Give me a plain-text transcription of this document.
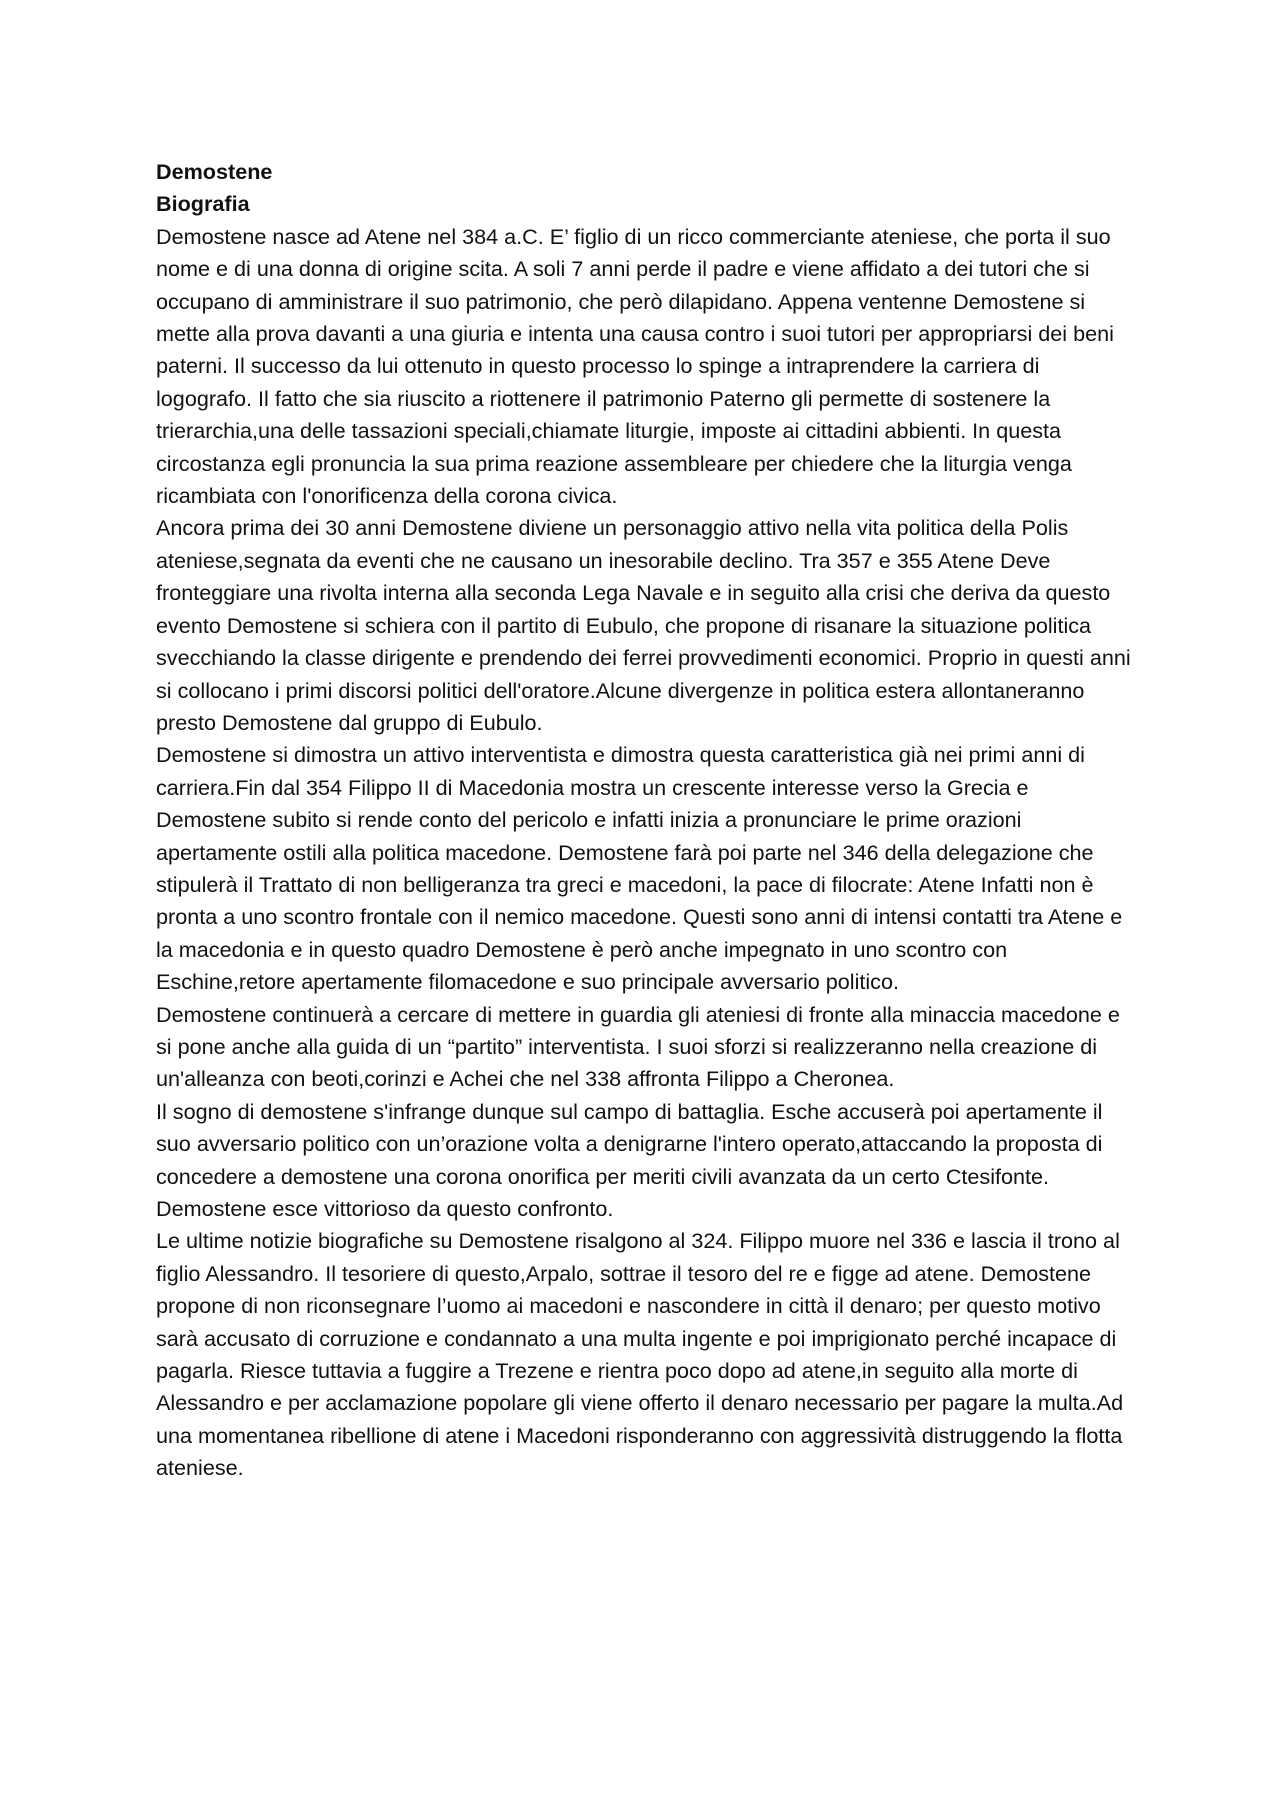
Demostene

Biografia

Demostene nasce ad Atene nel 384 a.C. E’ figlio di un ricco commerciante ateniese, che porta il suo nome e di una donna di origine scita. A soli 7 anni perde il padre e viene affidato a dei tutori che si occupano di amministrare il suo patrimonio, che però dilapidano. Appena ventenne Demostene si mette alla prova davanti a una giuria e intenta una causa contro i suoi tutori per appropriarsi dei beni paterni. Il successo da lui ottenuto in questo processo lo spinge a intraprendere la carriera di logografo. Il fatto che sia riuscito a riottenere il patrimonio Paterno gli permette di sostenere la trierarchia,una delle tassazioni speciali,chiamate liturgie, imposte ai cittadini abbienti. In questa circostanza egli pronuncia la sua prima reazione assembleare per chiedere che la liturgia venga ricambiata con l'onorificenza della corona civica.

Ancora prima dei 30 anni Demostene diviene un personaggio attivo nella vita politica della Polis ateniese,segnata da eventi che ne causano un inesorabile declino. Tra 357 e 355 Atene Deve fronteggiare una rivolta interna alla seconda Lega Navale e in seguito alla crisi che deriva da questo evento Demostene si schiera con il partito di Eubulo, che propone di risanare la situazione politica svecchiando la classe dirigente e prendendo dei ferrei provvedimenti economici. Proprio in questi anni si collocano i primi discorsi politici dell'oratore.Alcune divergenze in politica estera allontaneranno presto Demostene dal gruppo di Eubulo.

Demostene si dimostra un attivo interventista e dimostra questa caratteristica già nei primi anni di carriera.Fin dal 354 Filippo II di Macedonia mostra un crescente interesse verso la Grecia e Demostene subito si rende conto del pericolo e infatti inizia a pronunciare le prime orazioni apertamente ostili alla politica macedone. Demostene farà poi parte nel 346 della delegazione che stipulerà il Trattato di non belligeranza tra greci e macedoni, la pace di filocrate: Atene Infatti non è pronta a uno scontro frontale con il nemico macedone. Questi sono anni di intensi contatti tra Atene e la macedonia e in questo quadro Demostene è però anche impegnato in uno scontro con Eschine,retore apertamente filomacedone e suo principale avversario politico.

Demostene continuerà a cercare di mettere in guardia gli ateniesi di fronte alla minaccia macedone e si pone anche alla guida di un “partito” interventista. I suoi sforzi si realizzeranno nella creazione di un'alleanza con beoti,corinzi e Achei che nel 338 affronta Filippo a Cheronea.

Il sogno di demostene s'infrange dunque sul campo di battaglia. Esche accuserà poi apertamente il suo avversario politico con un’orazione volta a denigrarne l'intero operato,attaccando la proposta di concedere a demostene una corona onorifica per meriti civili avanzata da un certo Ctesifonte. Demostene esce vittorioso da questo confronto.

Le ultime notizie biografiche su Demostene risalgono al 324. Filippo muore nel 336 e lascia il trono al figlio Alessandro. Il tesoriere di questo,Arpalo, sottrae il tesoro del re e figge ad atene. Demostene propone di non riconsegnare l’uomo ai macedoni e nascondere in città il denaro; per questo motivo sarà accusato di corruzione e condannato a una multa ingente e poi imprigionato perché incapace di pagarla. Riesce tuttavia a fuggire a Trezene e rientra poco dopo ad atene,in seguito alla morte di Alessandro e per acclamazione popolare gli viene offerto il denaro necessario per pagare la multa.Ad una momentanea ribellione di atene i Macedoni risponderanno con aggressività distruggendo la flotta ateniese.
